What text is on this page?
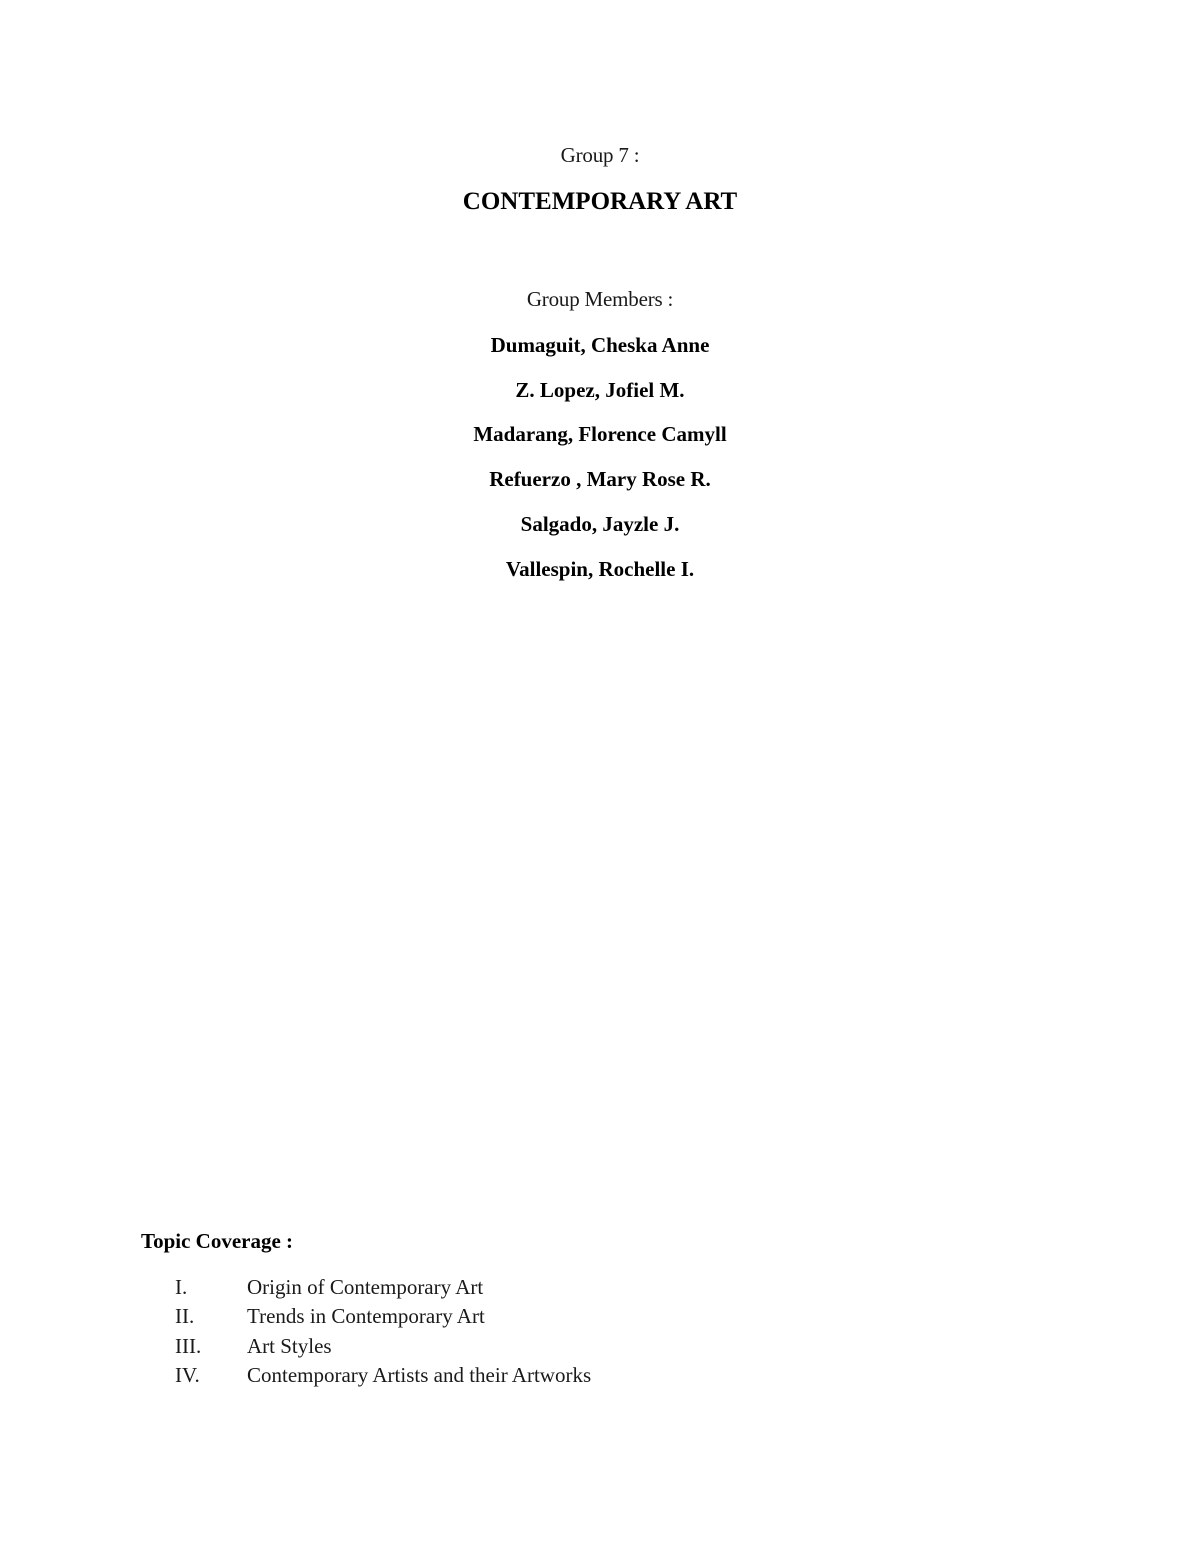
Group 7 :
CONTEMPORARY ART
Group Members :
Dumaguit, Cheska Anne
Z. Lopez, Jofiel M.
Madarang, Florence Camyll
Refuerzo , Mary Rose R.
Salgado, Jayzle J.
Vallespin, Rochelle I.
Topic Coverage :
I.	Origin of Contemporary Art
II.	Trends in Contemporary Art
III. Art Styles
IV. Contemporary Artists and their Artworks
